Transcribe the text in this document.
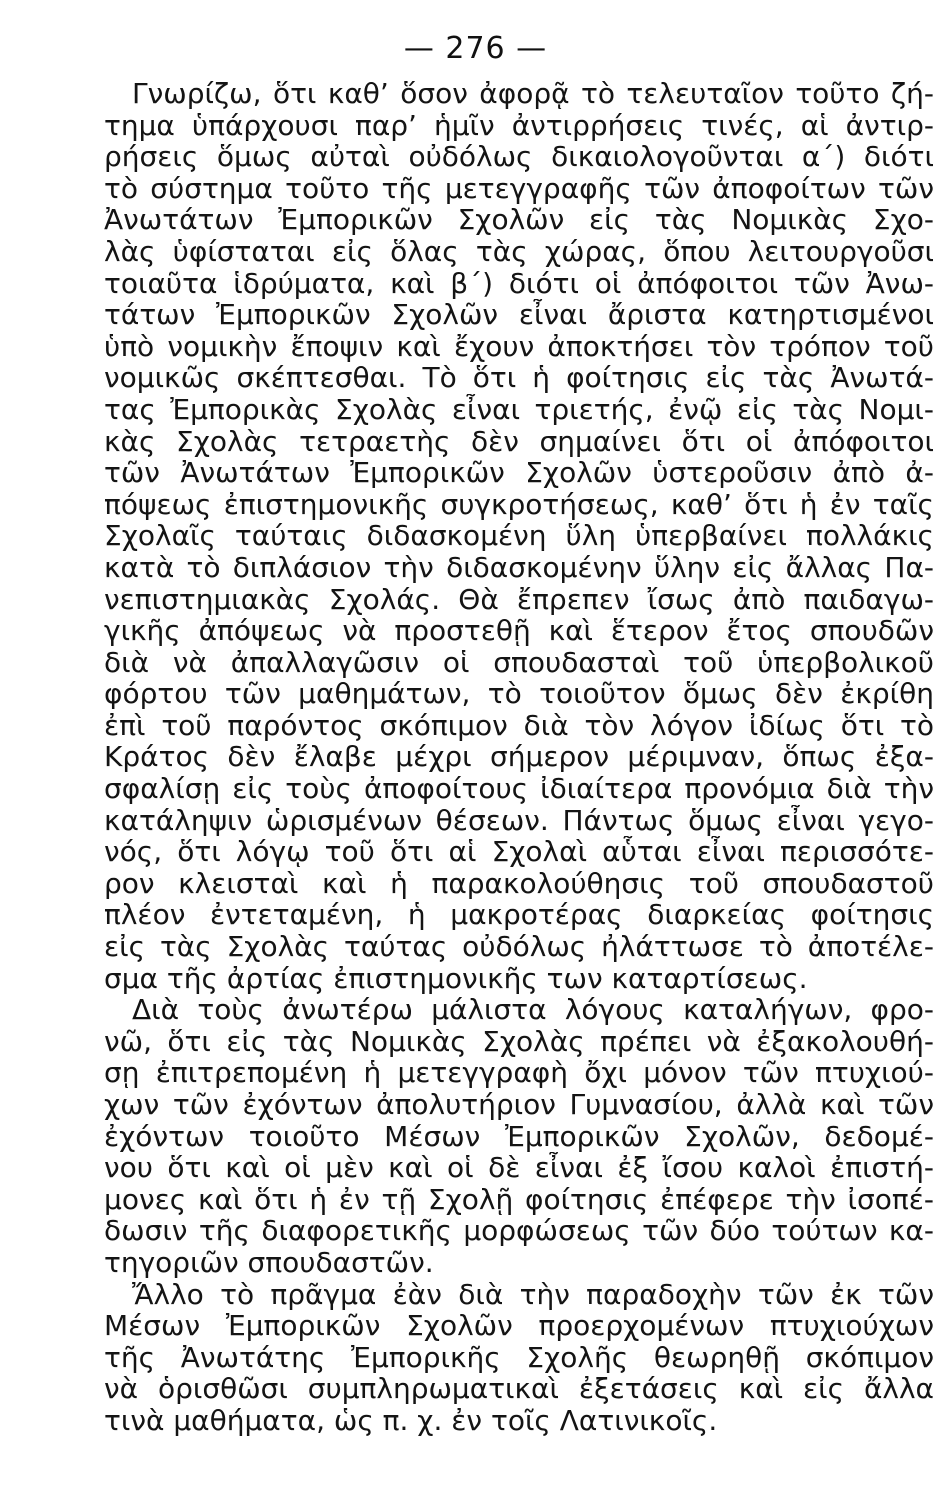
— 276 —
Γνωρίζω, ὅτι καθ’ ὅσον ἀφορᾷ τὸ τελευταῖον τοῦτο ζή-
τημα ὑπάρχουσι παρ’ ἡμῖν ἀντιρρήσεις τινές, αἱ ἀντιρ-
ρήσεις ὅμως αὐταὶ οὐδόλως δικαιολογοῦνται α΄) διότι
τὸ σύστημα τοῦτο τῆς μετεγγραφῆς τῶν ἀποφοίτων τῶν
Ἀνωτάτων Ἐμπορικῶν Σχολῶν εἰς τὰς Νομικὰς Σχο-
λὰς ὑφίσταται εἰς ὅλας τὰς χώρας, ὅπου λειτουργοῦσι
τοιαῦτα ἱδρύματα, καὶ β΄) διότι οἱ ἀπόφοιτοι τῶν Ἀνω-
τάτων Ἐμπορικῶν Σχολῶν εἶναι ἄριστα κατηρτισμένοι
ὑπὸ νομικὴν ἔποψιν καὶ ἔχουν ἀποκτήσει τὸν τρόπον τοῦ
νομικῶς σκέπτεσθαι. Τὸ ὅτι ἡ φοίτησις εἰς τὰς Ἀνωτά-
τας Ἐμπορικὰς Σχολὰς εἶναι τριετής, ἐνῷ εἰς τὰς Νομι-
κὰς Σχολὰς τετραετὴς δὲν σημαίνει ὅτι οἱ ἀπόφοιτοι
τῶν Ἀνωτάτων Ἐμπορικῶν Σχολῶν ὑστεροῦσιν ἀπὸ ἀ-
πόψεως ἐπιστημονικῆς συγκροτήσεως, καθ’ ὅτι ἡ ἐν ταῖς
Σχολαῖς ταύταις διδασκομένη ὕλη ὑπερβαίνει πολλάκις
κατὰ τὸ διπλάσιον τὴν διδασκομένην ὕλην εἰς ἄλλας Πα-
νεπιστημιακὰς Σχολάς. Θὰ ἔπρεπεν ἴσως ἀπὸ παιδαγω-
γικῆς ἀπόψεως νὰ προστεθῇ καὶ ἕτερον ἔτος σπουδῶν
διὰ νὰ ἀπαλλαγῶσιν οἱ σπουδασταὶ τοῦ ὑπερβολικοῦ
φόρτου τῶν μαθημάτων, τὸ τοιοῦτον ὅμως δὲν ἐκρίθη
ἐπὶ τοῦ παρόντος σκόπιμον διὰ τὸν λόγον ἰδίως ὅτι τὸ
Κράτος δὲν ἔλαβε μέχρι σήμερον μέριμναν, ὅπως ἐξα-
σφαλίσῃ εἰς τοὺς ἀποφοίτους ἰδιαίτερα προνόμια διὰ τὴν
κατάληψιν ὡρισμένων θέσεων. Πάντως ὅμως εἶναι γεγο-
νός, ὅτι λόγῳ τοῦ ὅτι αἱ Σχολαὶ αὗται εἶναι περισσότε-
ρον κλεισταὶ καὶ ἡ παρακολούθησις τοῦ σπουδαστοῦ
πλέον ἐντεταμένη, ἡ μακροτέρας διαρκείας φοίτησις
εἰς τὰς Σχολὰς ταύτας οὐδόλως ἠλάττωσε τὸ ἀποτέλε-
σμα τῆς ἀρτίας ἐπιστημονικῆς των καταρτίσεως.
Διὰ τοὺς ἀνωτέρω μάλιστα λόγους καταλήγων, φρο-
νῶ, ὅτι εἰς τὰς Νομικὰς Σχολὰς πρέπει νὰ ἐξακολουθή-
σῃ ἐπιτρεπομένη ἡ μετεγγραφὴ ὄχι μόνον τῶν πτυχιού-
χων τῶν ἐχόντων ἀπολυτήριον Γυμνασίου, ἀλλὰ καὶ τῶν
ἐχόντων τοιοῦτο Μέσων Ἐμπορικῶν Σχολῶν, δεδομέ-
νου ὅτι καὶ οἱ μὲν καὶ οἱ δὲ εἶναι ἐξ ἴσου καλοὶ ἐπιστή-
μονες καὶ ὅτι ἡ ἐν τῇ Σχολῇ φοίτησις ἐπέφερε τὴν ἰσοπέ-
δωσιν τῆς διαφορετικῆς μορφώσεως τῶν δύο τούτων κα-
τηγοριῶν σπουδαστῶν.
Ἄλλο τὸ πρᾶγμα ἐὰν διὰ τὴν παραδοχὴν τῶν ἐκ τῶν
Μέσων Ἐμπορικῶν Σχολῶν προερχομένων πτυχιούχων
τῆς Ἀνωτάτης Ἐμπορικῆς Σχολῆς θεωρηθῇ σκόπιμον
νὰ ὁρισθῶσι συμπληρωματικαὶ ἐξετάσεις καὶ εἰς ἄλλα
τινὰ μαθήματα, ὡς π. χ. ἐν τοῖς Λατινικοῖς.
